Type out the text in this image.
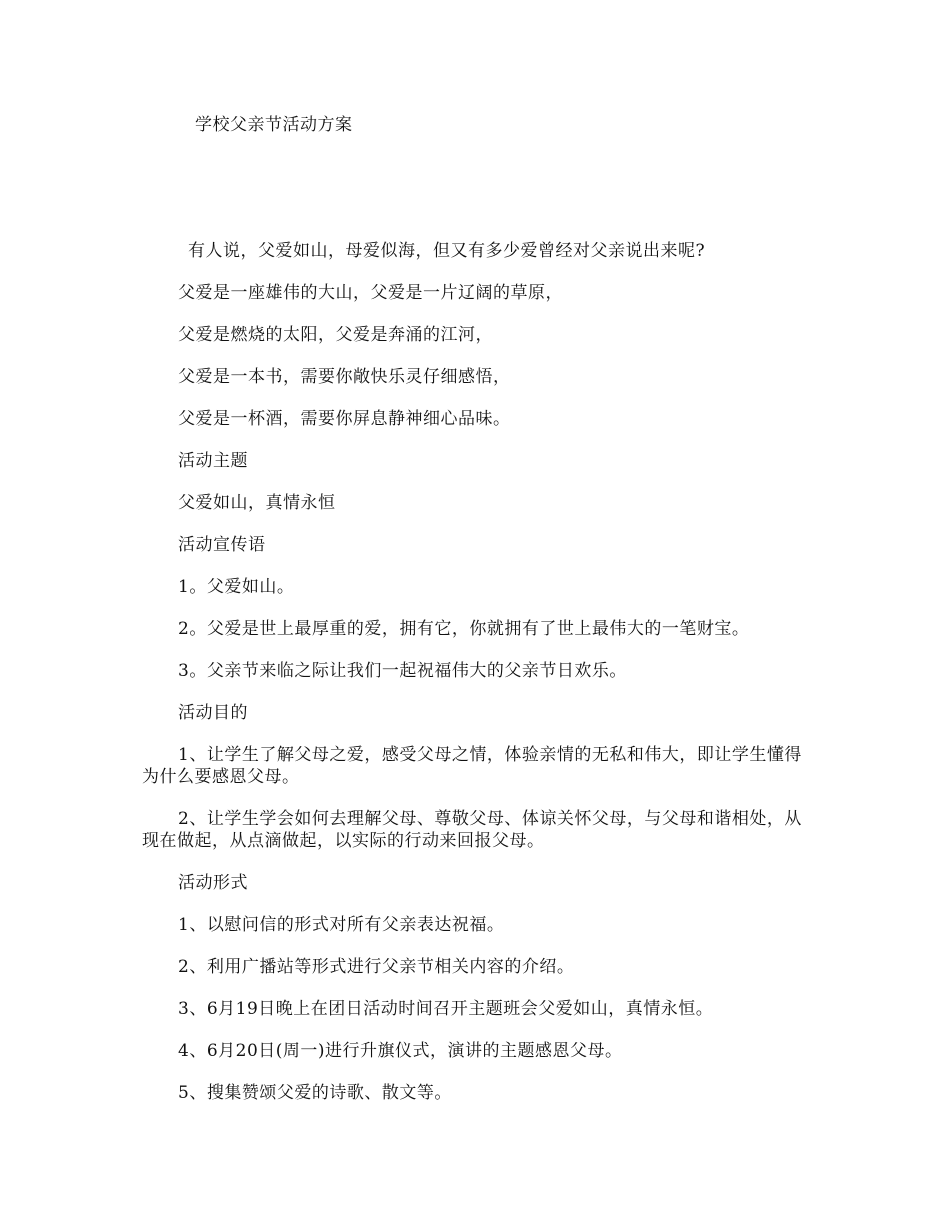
学校父亲节活动方案

有人说，父爱如山，母爱似海，但又有多少爱曾经对父亲说出来呢?

父爱是一座雄伟的大山，父爱是一片辽阔的草原，

父爱是燃烧的太阳，父爱是奔涌的江河，

父爱是一本书，需要你敞快乐灵仔细感悟，

父爱是一杯酒，需要你屏息静神细心品味。

活动主题

父爱如山，真情永恒

活动宣传语

1。父爱如山。

2。父爱是世上最厚重的爱，拥有它，你就拥有了世上最伟大的一笔财宝。

3。父亲节来临之际让我们一起祝福伟大的父亲节日欢乐。

活动目的

1、让学生了解父母之爱，感受父母之情，体验亲情的无私和伟大，即让学生懂得为什么要感恩父母。

2、让学生学会如何去理解父母、尊敬父母、体谅关怀父母，与父母和谐相处，从现在做起，从点滴做起，以实际的行动来回报父母。

活动形式

1、以慰问信的形式对所有父亲表达祝福。

2、利用广播站等形式进行父亲节相关内容的介绍。

3、6月19日晚上在团日活动时间召开主题班会父爱如山，真情永恒。

4、6月20日(周一)进行升旗仪式，演讲的主题感恩父母。

5、搜集赞颂父爱的诗歌、散文等。
